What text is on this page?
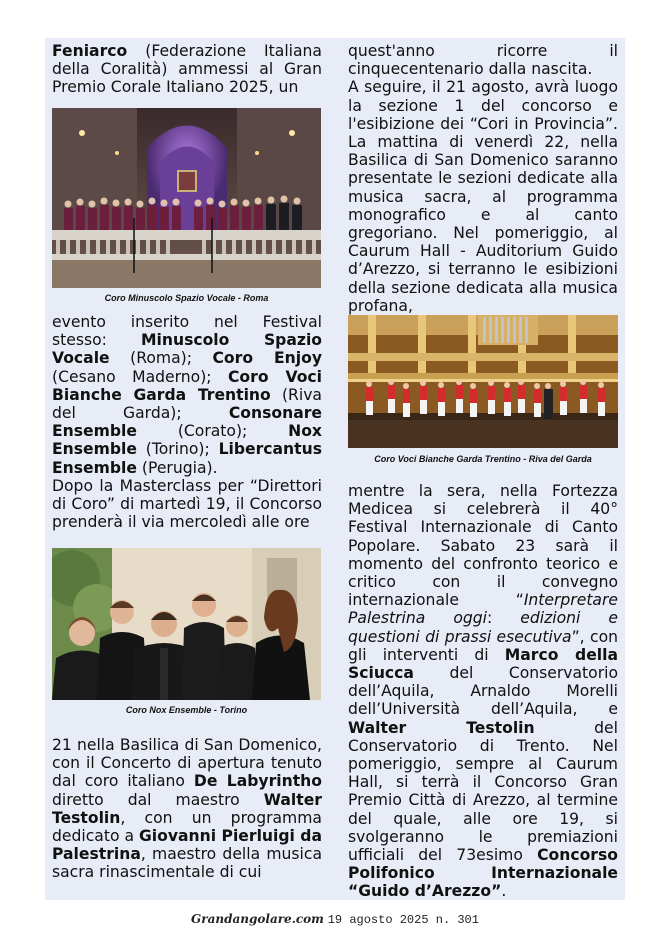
Feniarco (Federazione Italiana della Coralità) ammessi al Gran Premio Corale Italiano 2025, un

Coro Minuscolo Spazio Vocale - Roma

evento inserito nel Festival stesso: Minuscolo Spazio Vocale (Roma); Coro Enjoy (Cesano Maderno); Coro Voci Bianche Garda Trentino (Riva del Garda); Consonare Ensemble (Corato); Nox Ensemble (Torino); Libercantus Ensemble (Perugia).

Dopo la Masterclass per “Direttori di Coro” di martedì 19, il Concorso prenderà il via mercoledì alle ore

Coro Nox Ensemble - Torino

21 nella Basilica di San Domenico, con il Concerto di apertura tenuto dal coro italiano De Labyrintho diretto dal maestro Walter Testolin, con un programma dedicato a Giovanni Pierluigi da Palestrina, maestro della musica sacra rinascimentale di cui

quest'anno ricorre il cinquecentenario dalla nascita.

A seguire, il 21 agosto, avrà luogo la sezione 1 del concorso e l'esibizione dei “Cori in Provincia”. La mattina di venerdì 22, nella Basilica di San Domenico saranno presentate le sezioni dedicate alla musica sacra, al programma monografico e al canto gregoriano. Nel pomeriggio, al Caurum Hall - Auditorium Guido d’Arezzo, si terranno le esibizioni della sezione dedicata alla musica profana,

Coro Voci Bianche Garda Trentino - Riva del Garda

mentre la sera, nella Fortezza Medicea si celebrerà il 40° Festival Internazionale di Canto Popolare. Sabato 23 sarà il momento del confronto teorico e critico con il convegno internazionale “Interpretare Palestrina oggi: edizioni e questioni di prassi esecutiva”, con gli interventi di Marco della Sciucca del Conservatorio dell’Aquila, Arnaldo Morelli dell’Università dell’Aquila, e Walter Testolin del Conservatorio di Trento. Nel pomeriggio, sempre al Caurum Hall, si terrà il Concorso Gran Premio Città di Arezzo, al termine del quale, alle ore 19, si svolgeranno le premiazioni ufficiali del 73esimo Concorso Polifonico Internazionale “Guido d’Arezzo”.

Grandangolare.com 19 agosto 2025 n. 301
